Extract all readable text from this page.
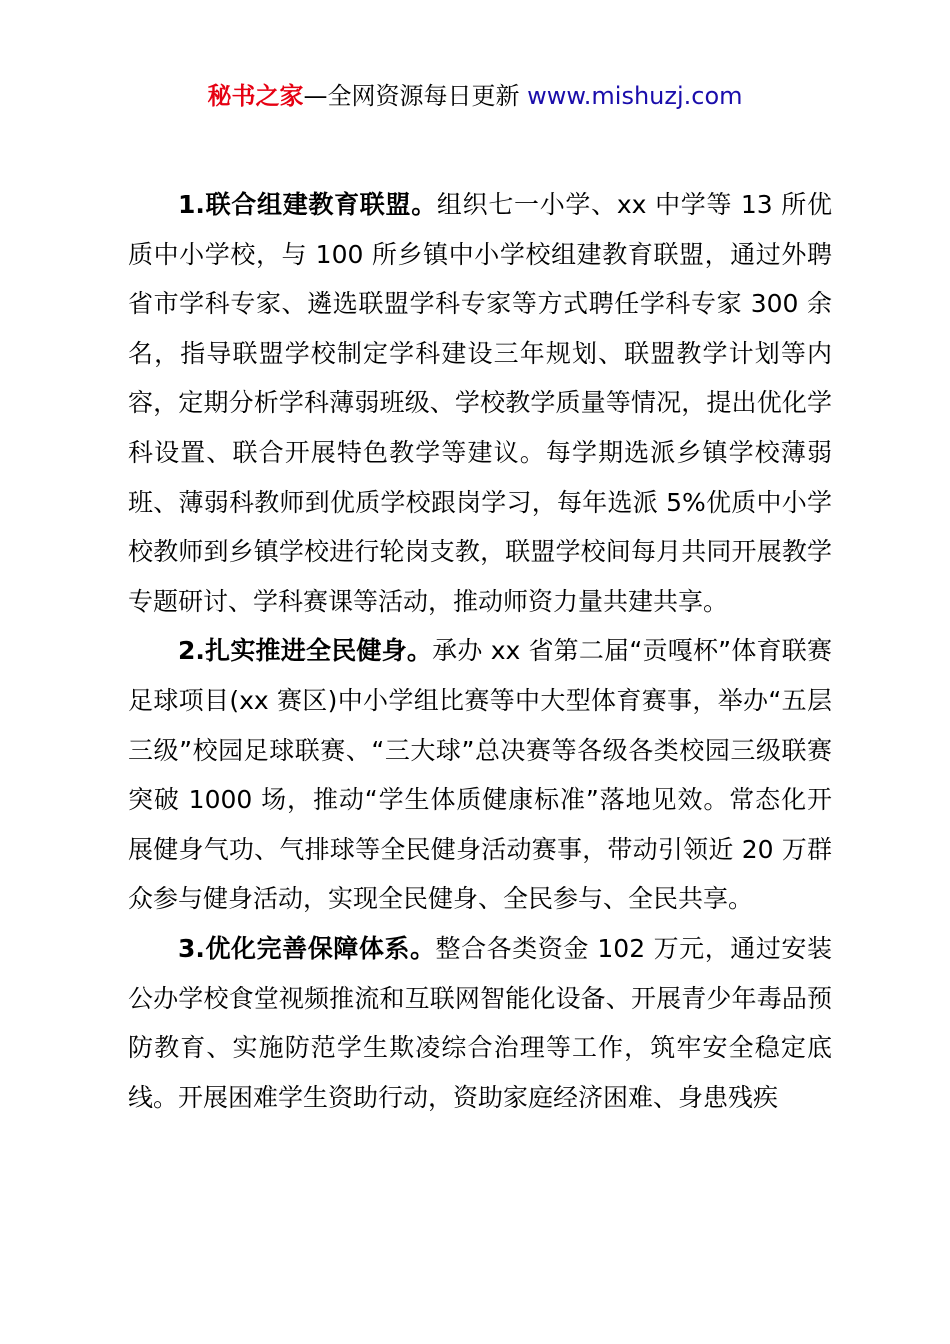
秘书之家—全网资源每日更新 www.mishuzj.com

1.联合组建教育联盟。组织七一小学、xx 中学等 13 所优质中小学校，与 100 所乡镇中小学校组建教育联盟，通过外聘省市学科专家、遴选联盟学科专家等方式聘任学科专家 300 余名，指导联盟学校制定学科建设三年规划、联盟教学计划等内容，定期分析学科薄弱班级、学校教学质量等情况，提出优化学科设置、联合开展特色教学等建议。每学期选派乡镇学校薄弱班、薄弱科教师到优质学校跟岗学习，每年选派 5%优质中小学校教师到乡镇学校进行轮岗支教，联盟学校间每月共同开展教学专题研讨、学科赛课等活动，推动师资力量共建共享。

2.扎实推进全民健身。承办 xx 省第二届“贡嘎杯”体育联赛足球项目(xx 赛区)中小学组比赛等中大型体育赛事，举办“五层三级”校园足球联赛、“三大球”总决赛等各级各类校园三级联赛突破 1000 场，推动“学生体质健康标准”落地见效。常态化开展健身气功、气排球等全民健身活动赛事，带动引领近 20 万群众参与健身活动，实现全民健身、全民参与、全民共享。

3.优化完善保障体系。整合各类资金 102 万元，通过安装公办学校食堂视频推流和互联网智能化设备、开展青少年毒品预防教育、实施防范学生欺凌综合治理等工作，筑牢安全稳定底线。开展困难学生资助行动，资助家庭经济困难、身患残疾
